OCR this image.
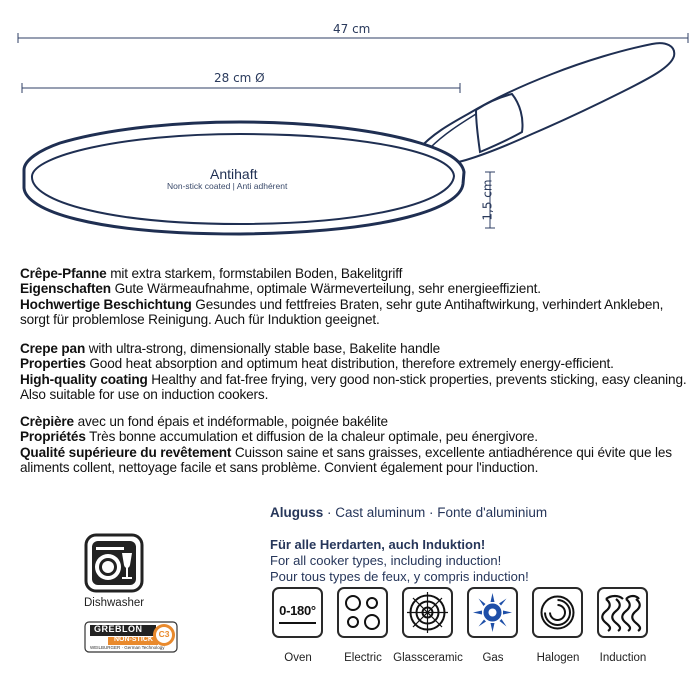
47 cm
28 cm Ø
1,5 cm
Antihaft
Non-stick coated | Anti adhérent

Crêpe-Pfanne mit extra starkem, formstabilen Boden, Bakelitgriff

Eigenschaften Gute Wärmeaufnahme, optimale Wärmeverteilung, sehr energieeffizient.

Hochwertige Beschichtung Gesundes und fettfreies Braten, sehr gute Antihaftwirkung, verhindert Ankleben, sorgt für problemlose Reinigung. Auch für Induktion geeignet.

Crepe pan with ultra-strong, dimensionally stable base, Bakelite handle

Properties Good heat absorption and optimum heat distribution, therefore extremely energy-efficient.

High-quality coating Healthy and fat-free frying, very good non-stick properties, prevents sticking, easy cleaning. Also suitable for use on induction cookers.

Crèpière avec un fond épais et indéformable, poignée bakélite

Propriétés Très bonne accumulation et diffusion de la chaleur optimale, peu énergivore.

Qualité supérieure du revêtement Cuisson saine et sans graisses, excellente antiadhérence qui évite que les aliments collent, nettoyage facile et sans problème. Convient également pour l'induction.

Aluguss · Cast aluminum · Fonte d'aluminium
Für alle Herdarten, auch Induktion!
For all cooker types, including induction!
Pour tous types de feux, y compris induction!
Dishwasher
GREBLON
NON-STICK
C3
WEILBURGER · German Technology
0-180°
Oven	Electric Glassceramic	Gas	Halogen	Induction
